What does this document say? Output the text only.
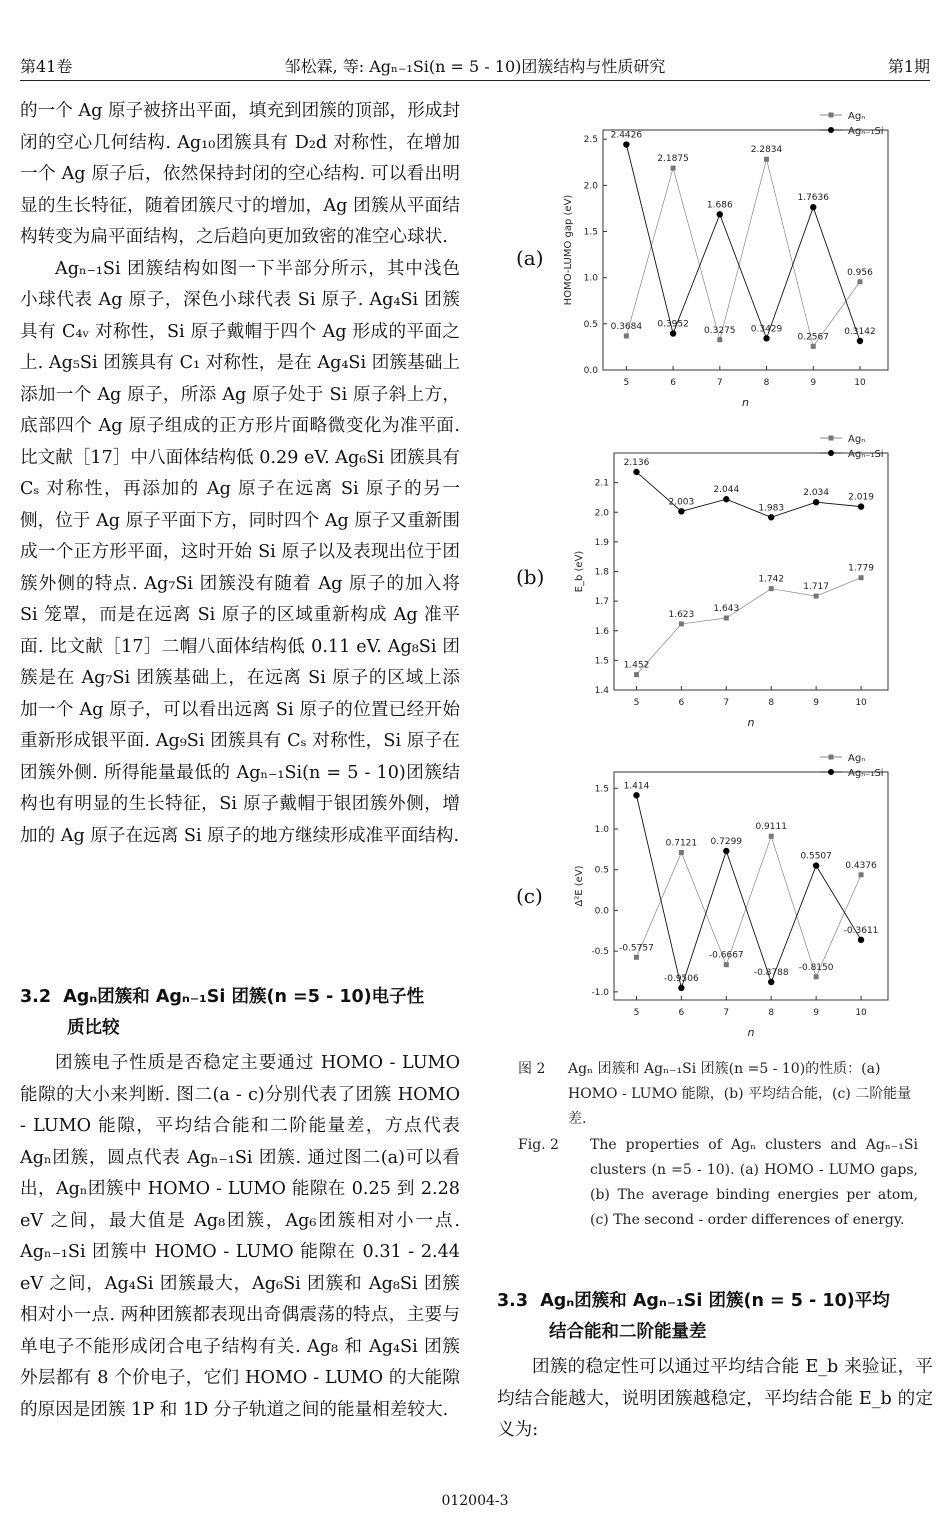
第41卷	邹松霖, 等: Agₙ₋₁Si(n = 5 - 10)团簇结构与性质研究	第1期

的一个 Ag 原子被挤出平面，填充到团簇的顶部，形成封闭的空心几何结构. Ag₁₀团簇具有 D₂d 对称性，在增加一个 Ag 原子后，依然保持封闭的空心结构. 可以看出明显的生长特征，随着团簇尺寸的增加，Ag 团簇从平面结构转变为扁平面结构，之后趋向更加致密的准空心球状.

Agₙ₋₁Si 团簇结构如图一下半部分所示，其中浅色小球代表 Ag 原子，深色小球代表 Si 原子. Ag₄Si 团簇具有 C₄ᵥ 对称性，Si 原子戴帽于四个 Ag 形成的平面之上. Ag₅Si 团簇具有 C₁ 对称性，是在 Ag₄Si 团簇基础上添加一个 Ag 原子，所添 Ag 原子处于 Si 原子斜上方，底部四个 Ag 原子组成的正方形片面略微变化为准平面. 比文献［17］中八面体结构低 0.29 eV. Ag₆Si 团簇具有 Cₛ 对称性，再添加的 Ag 原子在远离 Si 原子的另一侧，位于 Ag 原子平面下方，同时四个 Ag 原子又重新围成一个正方形平面，这时开始 Si 原子以及表现出位于团簇外侧的特点. Ag₇Si 团簇没有随着 Ag 原子的加入将 Si 笼罩，而是在远离 Si 原子的区域重新构成 Ag 准平面. 比文献［17］二帽八面体结构低 0.11 eV. Ag₈Si 团簇是在 Ag₇Si 团簇基础上，在远离 Si 原子的区域上添加一个 Ag 原子，可以看出远离 Si 原子的位置已经开始重新形成银平面. Ag₉Si 团簇具有 Cₛ 对称性，Si 原子在团簇外侧. 所得能量最低的 Agₙ₋₁Si(n = 5 - 10)团簇结构也有明显的生长特征，Si 原子戴帽于银团簇外侧，增加的 Ag 原子在远离 Si 原子的地方继续形成准平面结构.

3.2 Agₙ团簇和 Agₙ₋₁Si 团簇(n =5 - 10)电子性
质比较

团簇电子性质是否稳定主要通过 HOMO - LUMO 能隙的大小来判断. 图二(a - c)分别代表了团簇 HOMO - LUMO 能隙，平均结合能和二阶能量差，方点代表 Agₙ团簇，圆点代表 Agₙ₋₁Si 团簇. 通过图二(a)可以看出，Agₙ团簇中 HOMO - LUMO 能隙在 0.25 到 2.28 eV 之间，最大值是 Ag₈团簇，Ag₆团簇相对小一点. Agₙ₋₁Si 团簇中 HOMO - LUMO 能隙在 0.31 - 2.44 eV 之间，Ag₄Si 团簇最大，Ag₆Si 团簇和 Ag₈Si 团簇相对小一点. 两种团簇都表现出奇偶震荡的特点，主要与单电子不能形成闭合电子结构有关. Ag₈ 和 Ag₄Si 团簇外层都有 8 个价电子，它们 HOMO - LUMO 的大能隙的原因是团簇 1P 和 1D 分子轨道之间的能量相差较大.

(a)
(b)
(c)
0.0
0.5
1.0
1.5
2.0
2.5
5	6	7	8	9	10
n
HOMO-LUMO gap (eV)
0.3684
2.1875
0.3275
2.2834
0.2567
0.956
2.4426
0.3952
1.686
0.3429
1.7636
0.3142
Agₙ
Agₙ₋₁Si
1.4
1.5
1.6
1.7
1.8
1.9
2.0
2.1
5	6	7	8	9	10
n
E_b (eV)
1.452
1.623
1.643
1.742
1.717
1.779
2.136
2.003
2.044
1.983
2.034 2.019
Agₙ
Agₙ₋₁Si
-1.0
-0.5
0.0
0.5
1.0
1.5
5	6	7	8	9	10
n
Δ²E (eV)
-0.5757
0.7121
-0.6667
0.9111
-0.8150
0.4376
1.414
-0.9506
0.7299
-0.8788
0.5507
-0.3611
Agₙ
Agₙ₋₁Si
图 2 Agₙ 团簇和 Agₙ₋₁Si 团簇(n =5 - 10)的性质：(a) HOMO - LUMO 能隙，(b) 平均结合能，(c) 二阶能量差.
Fig. 2 The properties of Agₙ clusters and Agₙ₋₁Si clusters (n =5 - 10). (a) HOMO - LUMO gaps, (b) The average binding energies per atom, (c) The second - order differences of energy.
3.3 Agₙ团簇和 Agₙ₋₁Si 团簇(n = 5 - 10)平均
结合能和二阶能量差

团簇的稳定性可以通过平均结合能 E_b 来验证，平均结合能越大，说明团簇越稳定，平均结合能 E_b 的定义为:

012004-3
